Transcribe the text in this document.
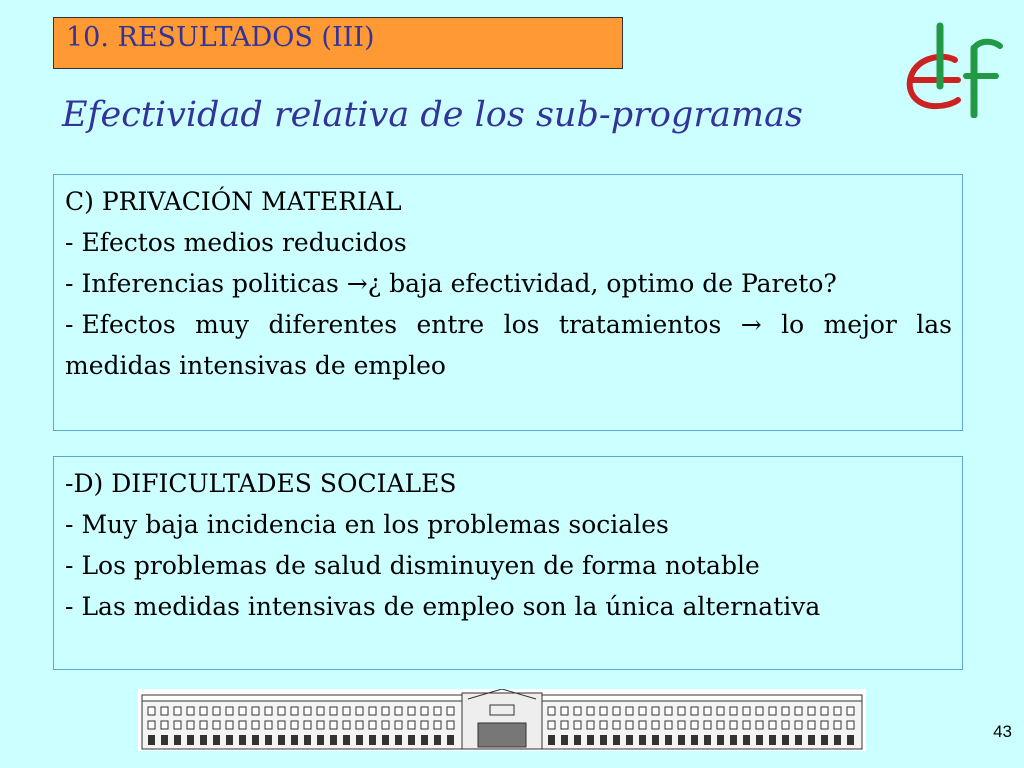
10. RESULTADOS (III)
Efectividad relativa de los sub-programas

C) PRIVACIÓN MATERIAL

- Efectos medios reducidos

- Inferencias politicas →¿ baja efectividad, optimo de Pareto?

- Efectos muy diferentes entre los tratamientos → lo mejor las medidas intensivas de empleo

-D) DIFICULTADES SOCIALES

- Muy baja incidencia en los problemas sociales

- Los problemas de salud disminuyen de forma notable

- Las medidas intensivas de empleo son la única alternativa

43
